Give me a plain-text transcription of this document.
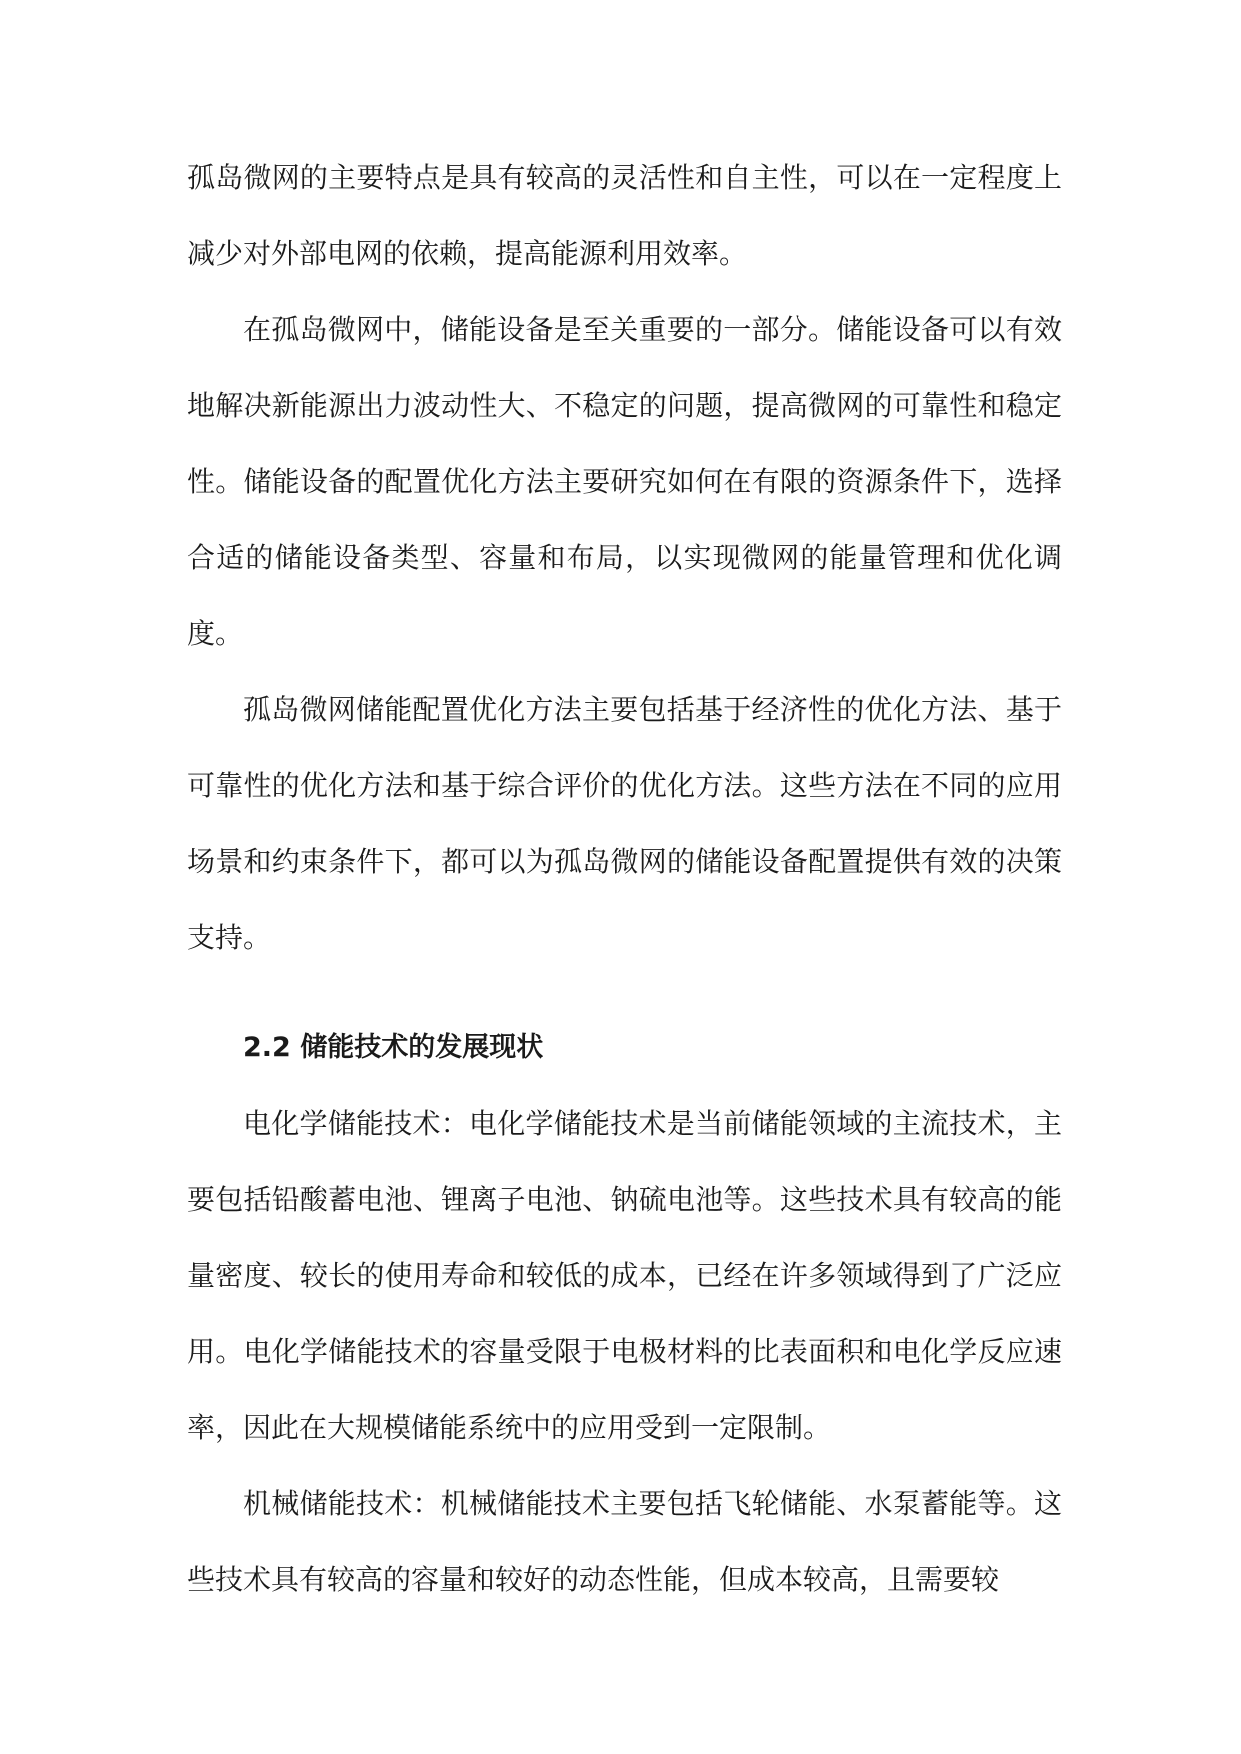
孤岛微网的主要特点是具有较高的灵活性和自主性，可以在一定程度上减少对外部电网的依赖，提高能源利用效率。

在孤岛微网中，储能设备是至关重要的一部分。储能设备可以有效地解决新能源出力波动性大、不稳定的问题，提高微网的可靠性和稳定性。储能设备的配置优化方法主要研究如何在有限的资源条件下，选择合适的储能设备类型、容量和布局，以实现微网的能量管理和优化调度。

孤岛微网储能配置优化方法主要包括基于经济性的优化方法、基于可靠性的优化方法和基于综合评价的优化方法。这些方法在不同的应用场景和约束条件下，都可以为孤岛微网的储能设备配置提供有效的决策支持。

2.2 储能技术的发展现状

电化学储能技术：电化学储能技术是当前储能领域的主流技术，主要包括铅酸蓄电池、锂离子电池、钠硫电池等。这些技术具有较高的能量密度、较长的使用寿命和较低的成本，已经在许多领域得到了广泛应用。电化学储能技术的容量受限于电极材料的比表面积和电化学反应速率，因此在大规模储能系统中的应用受到一定限制。

机械储能技术：机械储能技术主要包括飞轮储能、水泵蓄能等。这些技术具有较高的容量和较好的动态性能，但成本较高，且需要较
